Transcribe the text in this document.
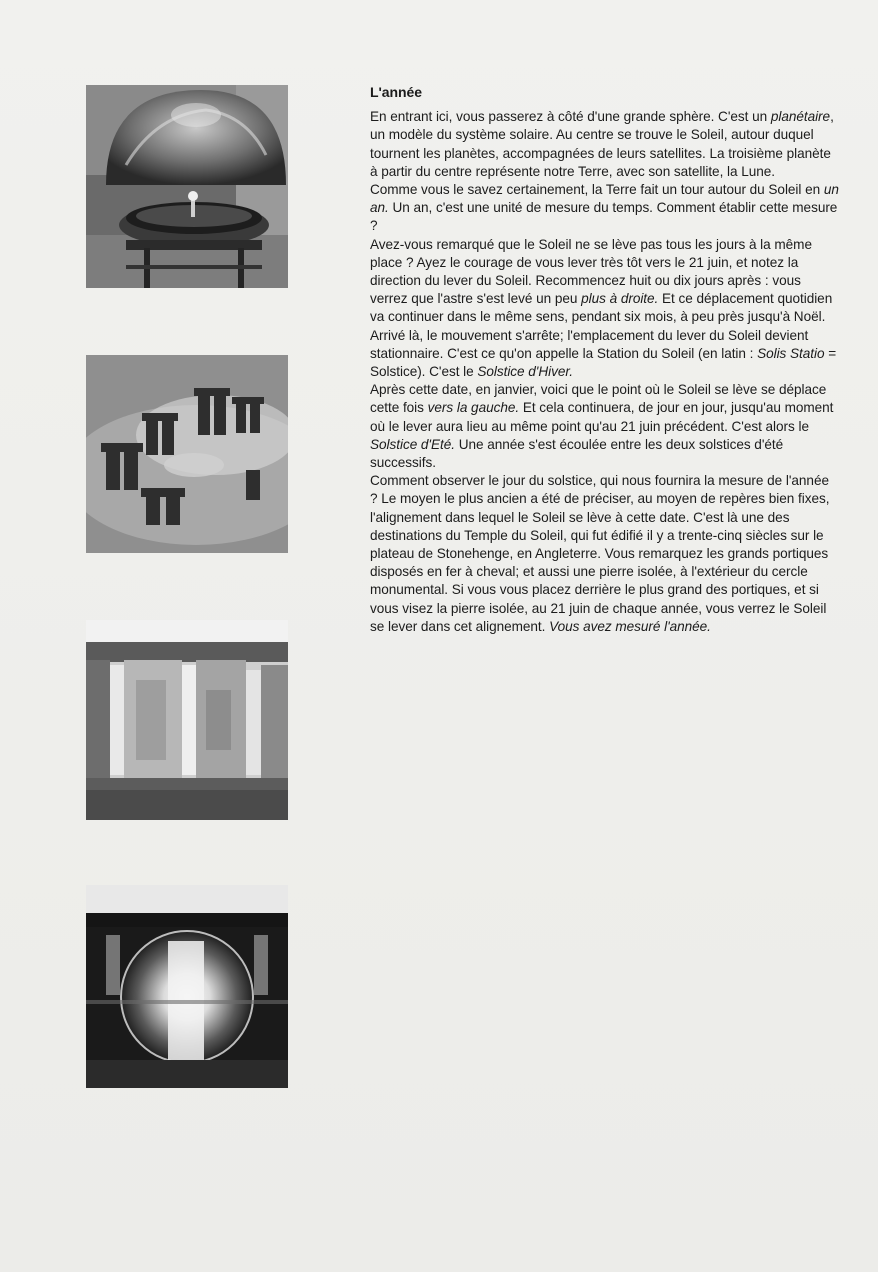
L'année

En entrant ici, vous passerez à côté d'une grande sphère. C'est un planétaire, un modèle du système solaire. Au centre se trouve le Soleil, autour duquel tournent les planètes, accompagnées de leurs satellites. La troisième planète à partir du centre représente notre Terre, avec son satellite, la Lune.

Comme vous le savez certainement, la Terre fait un tour autour du Soleil en un an. Un an, c'est une unité de mesure du temps. Comment établir cette mesure ?

Avez-vous remarqué que le Soleil ne se lève pas tous les jours à la même place ? Ayez le courage de vous lever très tôt vers le 21 juin, et notez la direction du lever du Soleil. Recommencez huit ou dix jours après : vous verrez que l'astre s'est levé un peu plus à droite. Et ce déplacement quotidien va continuer dans le même sens, pendant six mois, à peu près jusqu'à Noël. Arrivé là, le mouvement s'arrête; l'emplacement du lever du Soleil devient stationnaire. C'est ce qu'on appelle la Station du Soleil (en latin : Solis Statio = Solstice). C'est le Solstice d'Hiver.

Après cette date, en janvier, voici que le point où le Soleil se lève se déplace cette fois vers la gauche. Et cela continuera, de jour en jour, jusqu'au moment où le lever aura lieu au même point qu'au 21 juin précédent. C'est alors le Solstice d'Eté. Une année s'est écoulée entre les deux solstices d'été successifs.

Comment observer le jour du solstice, qui nous fournira la mesure de l'année ? Le moyen le plus ancien a été de préciser, au moyen de repères bien fixes, l'alignement dans lequel le Soleil se lève à cette date. C'est là une des destinations du Temple du Soleil, qui fut édifié il y a trente-cinq siècles sur le plateau de Stonehenge, en Angleterre. Vous remarquez les grands portiques disposés en fer à cheval; et aussi une pierre isolée, à l'extérieur du cercle monumental. Si vous vous placez derrière le plus grand des portiques, et si vous visez la pierre isolée, au 21 juin de chaque année, vous verrez le Soleil se lever dans cet alignement. Vous avez mesuré l'année.
